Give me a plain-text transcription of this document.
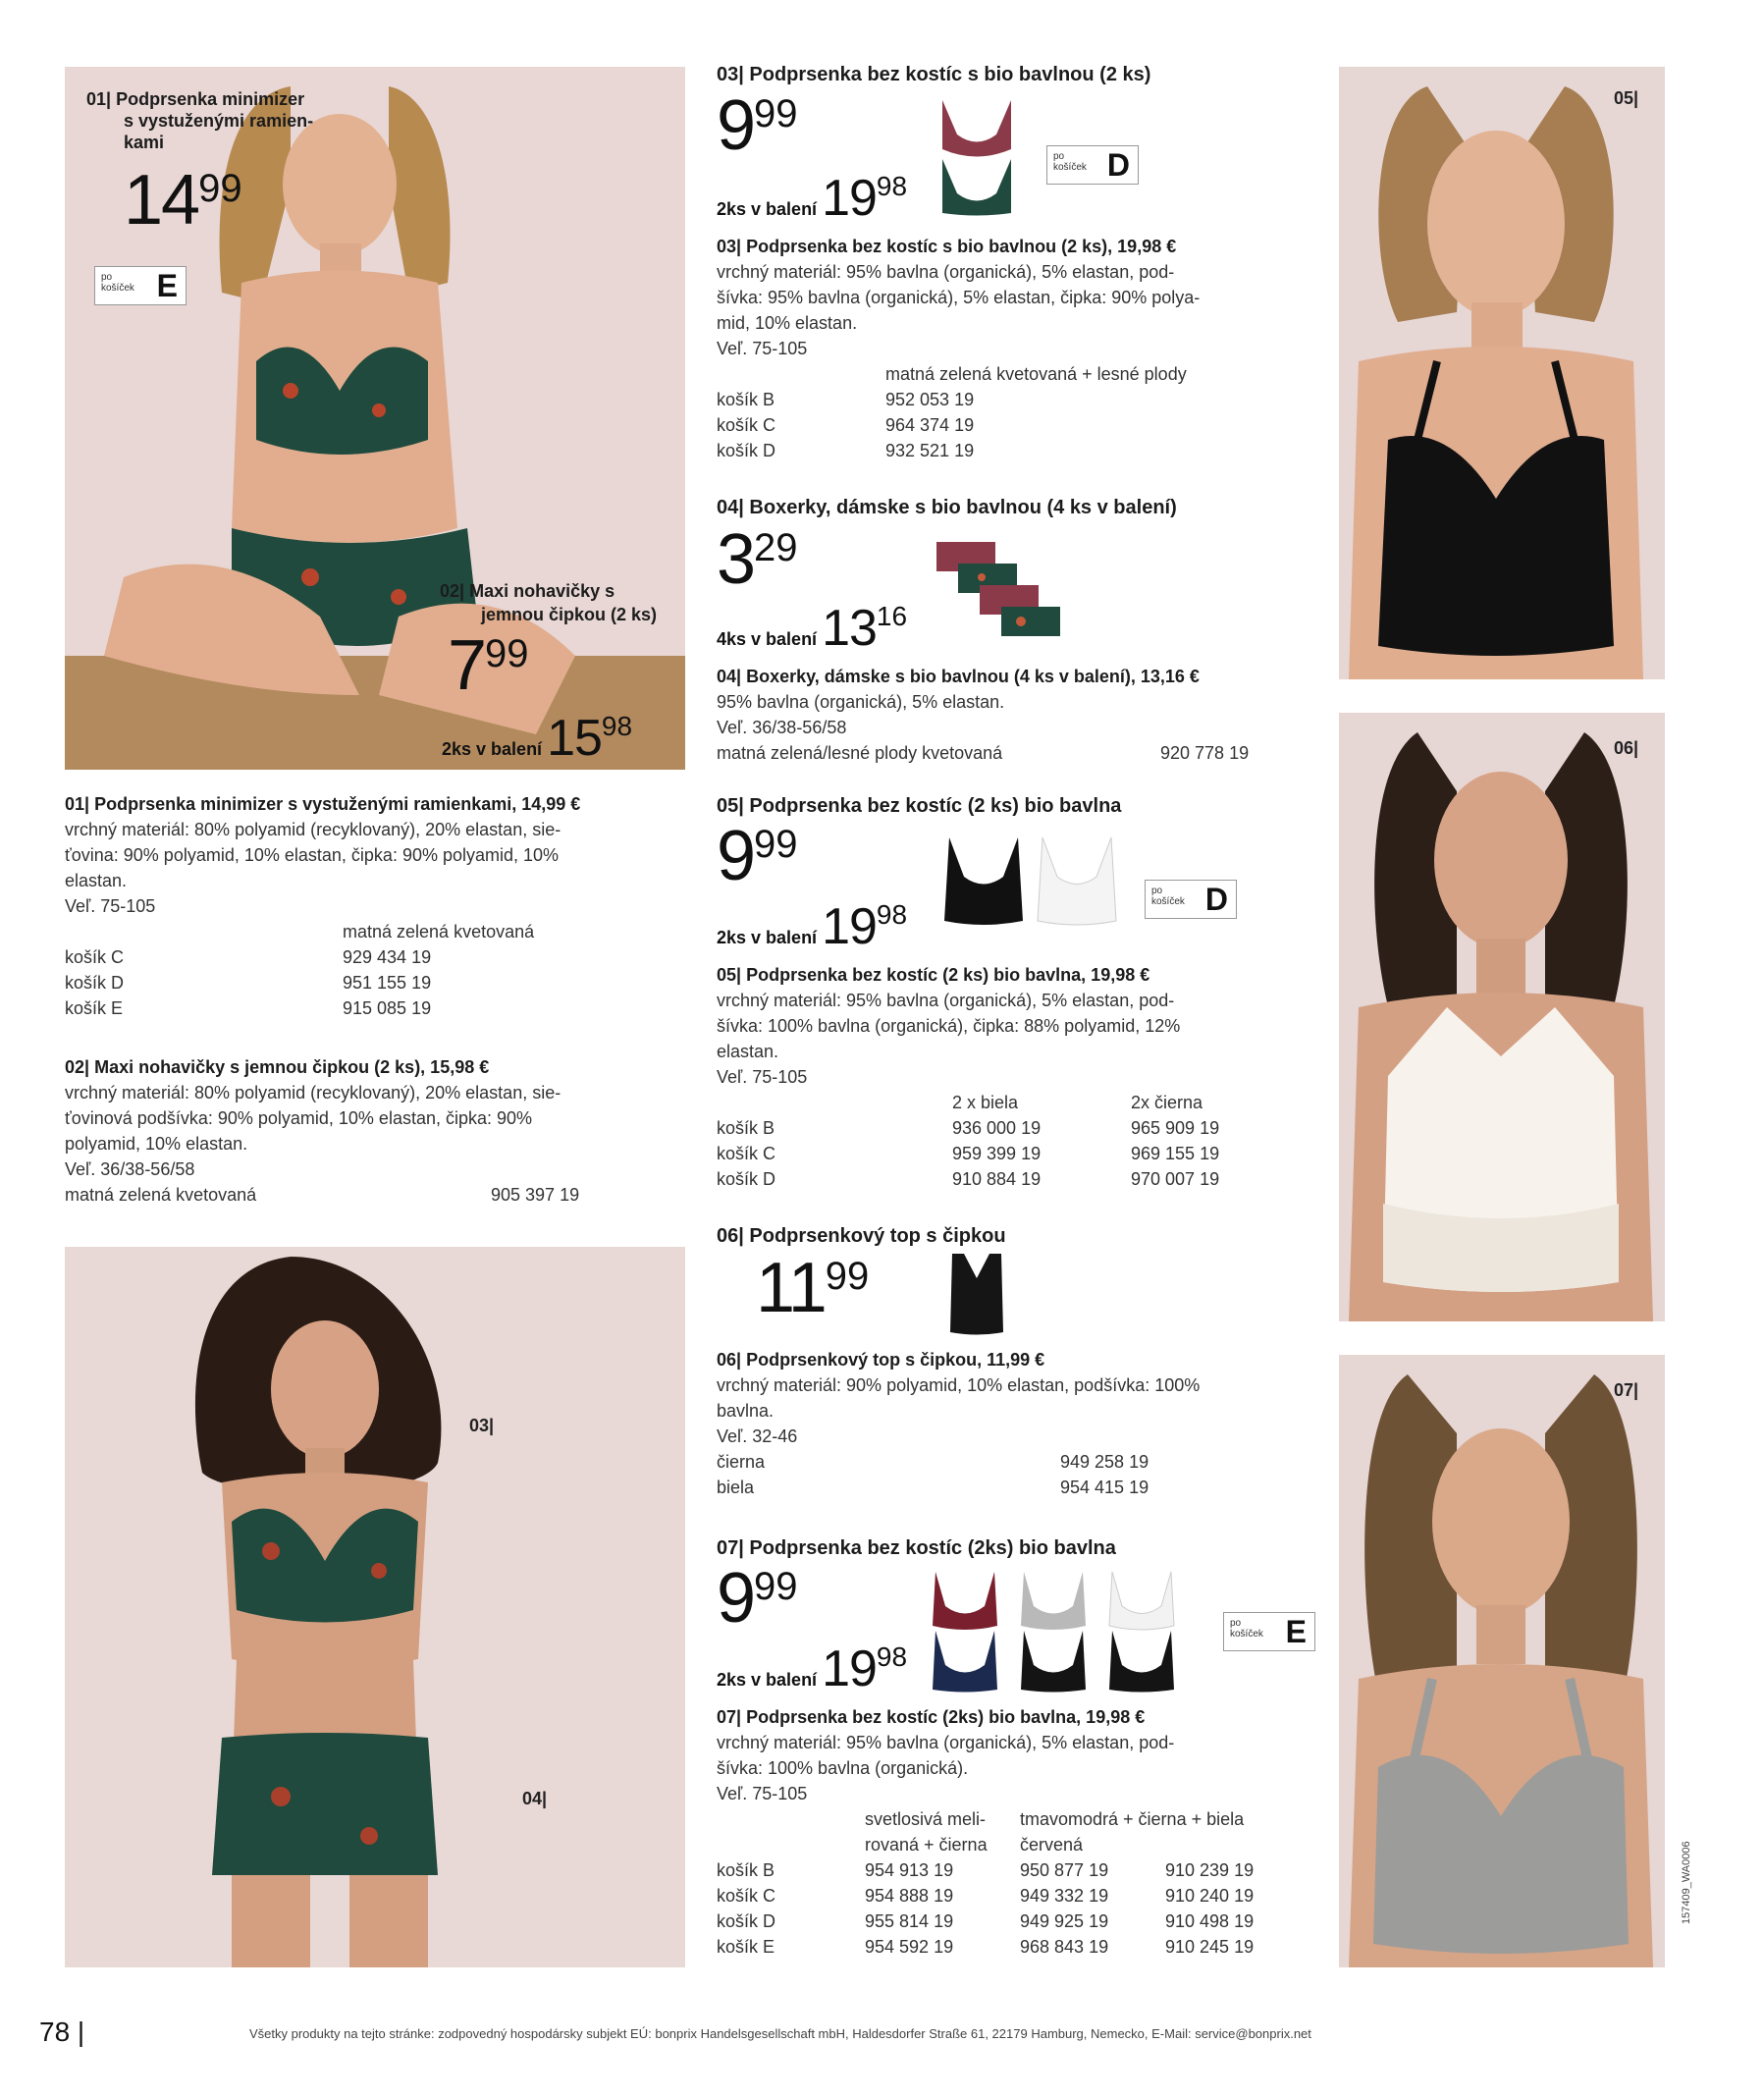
01| Podprsenka minimizer
s vystuženými ramien-
kami
1499
po
košíček E
02| Maxi nohavičky s
jemnou čipkou (2 ks)
799
2ks v balení 1598

01| Podprsenka minimizer s vystuženými ramienkami, 14,99 €

vrchný materiál: 80% polyamid (recyklovaný), 20% elastan, sie-

ťovina: 90% polyamid, 10% elastan, čipka: 90% polyamid, 10%

elastan.

Veľ. 75-105

	matná zelená kvetovaná
košík C	929 434 19
košík D	951 155 19
košík E	915 085 19

02| Maxi nohavičky s jemnou čipkou (2 ks), 15,98 €

vrchný materiál: 80% polyamid (recyklovaný), 20% elastan, sie-

ťovinová podšívka: 90% polyamid, 10% elastan, čipka: 90%

polyamid, 10% elastan.

Veľ. 36/38-56/58

matná zelená kvetovaná	905 397 19
03|
04|
03| Podprsenka bez kostíc s bio bavlnou (2 ks)
999
2ks v balení 1998
po
košíček D

03| Podprsenka bez kostíc s bio bavlnou (2 ks), 19,98 €

vrchný materiál: 95% bavlna (organická), 5% elastan, pod-

šívka: 95% bavlna (organická), 5% elastan, čipka: 90% polya-

mid, 10% elastan.

Veľ. 75-105

	matná zelená kvetovaná + lesné plody
košík B	952 053 19
košík C	964 374 19
košík D	932 521 19
04| Boxerky, dámske s bio bavlnou (4 ks v balení)
329
4ks v balení 1316

04| Boxerky, dámske s bio bavlnou (4 ks v balení), 13,16 €

95% bavlna (organická), 5% elastan.

Veľ. 36/38-56/58

matná zelená/lesné plody kvetovaná	920 778 19
05| Podprsenka bez kostíc (2 ks) bio bavlna
999
2ks v balení 1998
po
košíček D

05| Podprsenka bez kostíc (2 ks) bio bavlna, 19,98 €

vrchný materiál: 95% bavlna (organická), 5% elastan, pod-

šívka: 100% bavlna (organická), čipka: 88% polyamid, 12%

elastan.

Veľ. 75-105

	2 x biela	2x čierna
košík B	936 000 19	965 909 19
košík C	959 399 19	969 155 19
košík D	910 884 19	970 007 19
06| Podprsenkový top s čipkou
1199

06| Podprsenkový top s čipkou, 11,99 €

vrchný materiál: 90% polyamid, 10% elastan, podšívka: 100%

bavlna.

Veľ. 32-46

čierna	949 258 19
biela	954 415 19
07| Podprsenka bez kostíc (2ks) bio bavlna
999
2ks v balení 1998
po
košíček E

07| Podprsenka bez kostíc (2ks) bio bavlna, 19,98 €

vrchný materiál: 95% bavlna (organická), 5% elastan, pod-

šívka: 100% bavlna (organická).

Veľ. 75-105

	svetlosivá meli-	tmavomodrá + čierna + biela	
	rovaná + čierna	červená	
košík B	954 913 19	950 877 19	910 239 19
košík C	954 888 19	949 332 19	910 240 19
košík D	955 814 19	949 925 19	910 498 19
košík E	954 592 19	968 843 19	910 245 19
05|
06|
07|
78 |	Všetky produkty na tejto stránke: zodpovedný hospodársky subjekt EÚ: bonprix Handelsgesellschaft mbH, Haldesdorfer Straße 61, 22179 Hamburg, Nemecko, E-Mail: service@bonprix.net
157409_WA0006
